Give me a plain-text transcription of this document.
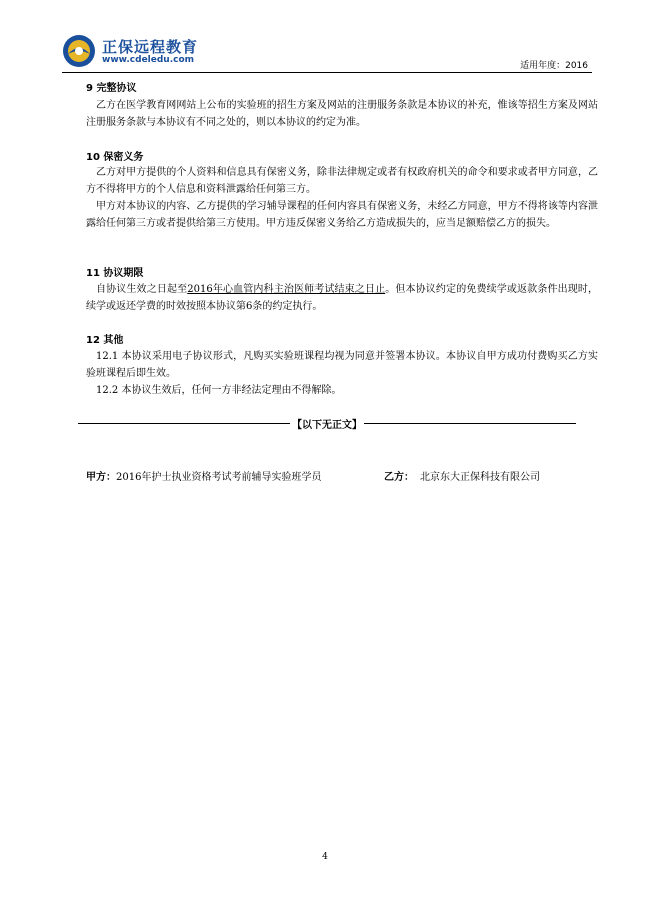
正保远程教育
www.cdeledu.com
适用年度：2016
9 完整协议
乙方在医学教育网网站上公布的实验班的招生方案及网站的注册服务条款是本协议的补充，惟该等招生方案及网站注册服务条款与本协议有不同之处的，则以本协议的约定为准。
10 保密义务
乙方对甲方提供的个人资料和信息具有保密义务，除非法律规定或者有权政府机关的命令和要求或者甲方同意，乙方不得将甲方的个人信息和资料泄露给任何第三方。
甲方对本协议的内容、乙方提供的学习辅导课程的任何内容具有保密义务，未经乙方同意，甲方不得将该等内容泄露给任何第三方或者提供给第三方使用。甲方违反保密义务给乙方造成损失的，应当足额赔偿乙方的损失。
11 协议期限
自协议生效之日起至2016年心血管内科主治医师考试结束之日止。但本协议约定的免费续学或返款条件出现时，续学或返还学费的时效按照本协议第6条的约定执行。
12 其他
12.1 本协议采用电子协议形式，凡购买实验班课程均视为同意并签署本协议。本协议自甲方成功付费购买乙方实验班课程后即生效。
12.2 本协议生效后，任何一方非经法定理由不得解除。
【以下无正文】
甲方：2016年护士执业资格考试考前辅导实验班学员	乙方： 北京东大正保科技有限公司
4
